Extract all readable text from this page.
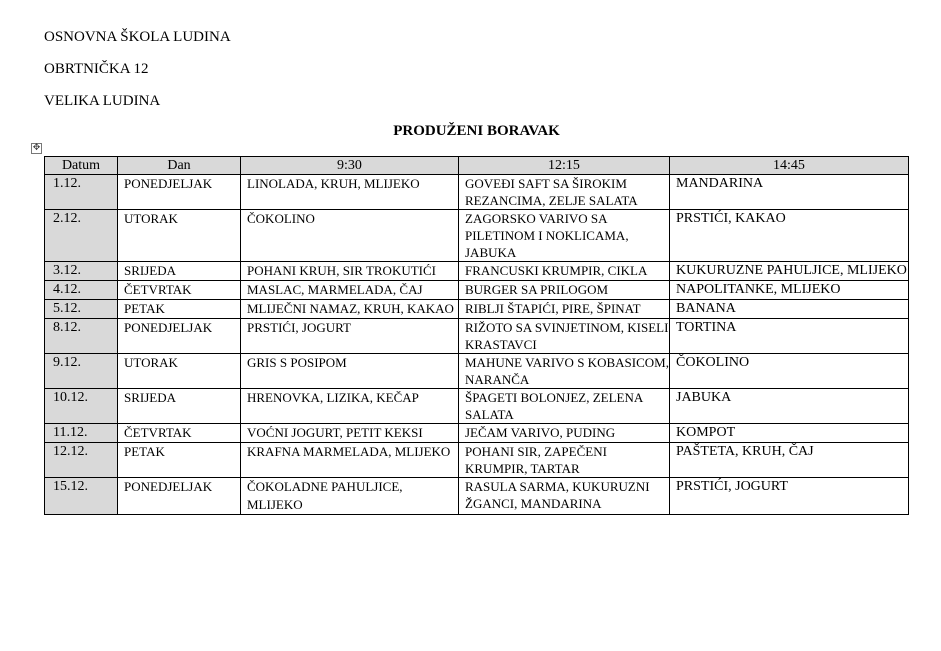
OSNOVNA ŠKOLA LUDINA
OBRTNIČKA 12
VELIKA LUDINA
PRODUŽENI BORAVAK
✥
Datum	Dan	9:30	12:15	14:45
1.12.	PONEDJELJAK	LINOLADA, KRUH, MLIJEKO	GOVEĐI SAFT SA ŠIROKIM REZANCIMA, ZELJE SALATA	MANDARINA
2.12.	UTORAK	ČOKOLINO	ZAGORSKO VARIVO SA PILETINOM I NOKLICAMA, JABUKA	PRSTIĆI, KAKAO
3.12.	SRIJEDA	POHANI KRUH, SIR TROKUTIĆI	FRANCUSKI KRUMPIR, CIKLA	KUKURUZNE PAHULJICE, MLIJEKO
4.12.	ČETVRTAK	MASLAC, MARMELADA, ČAJ	BURGER SA PRILOGOM	NAPOLITANKE, MLIJEKO
5.12.	PETAK	MLIJEČNI NAMAZ, KRUH, KAKAO	RIBLJI ŠTAPIĆI, PIRE, ŠPINAT	BANANA
8.12.	PONEDJELJAK	PRSTIĆI, JOGURT	RIŽOTO SA SVINJETINOM, KISELI KRASTAVCI	TORTINA
9.12.	UTORAK	GRIS S POSIPOM	MAHUNE VARIVO S KOBASICOM, NARANČA	ČOKOLINO
10.12.	SRIJEDA	HRENOVKA, LIZIKA, KEČAP	ŠPAGETI BOLONJEZ, ZELENA SALATA	JABUKA
11.12.	ČETVRTAK	VOĆNI JOGURT, PETIT KEKSI	JEČAM VARIVO, PUDING	KOMPOT
12.12.	PETAK	KRAFNA MARMELADA, MLIJEKO	POHANI SIR, ZAPEČENI KRUMPIR, TARTAR	PAŠTETA, KRUH, ČAJ
15.12.	PONEDJELJAK	ČOKOLADNE PAHULJICE, MLIJEKO	RASULA SARMA, KUKURUZNI ŽGANCI, MANDARINA	PRSTIĆI, JOGURT
